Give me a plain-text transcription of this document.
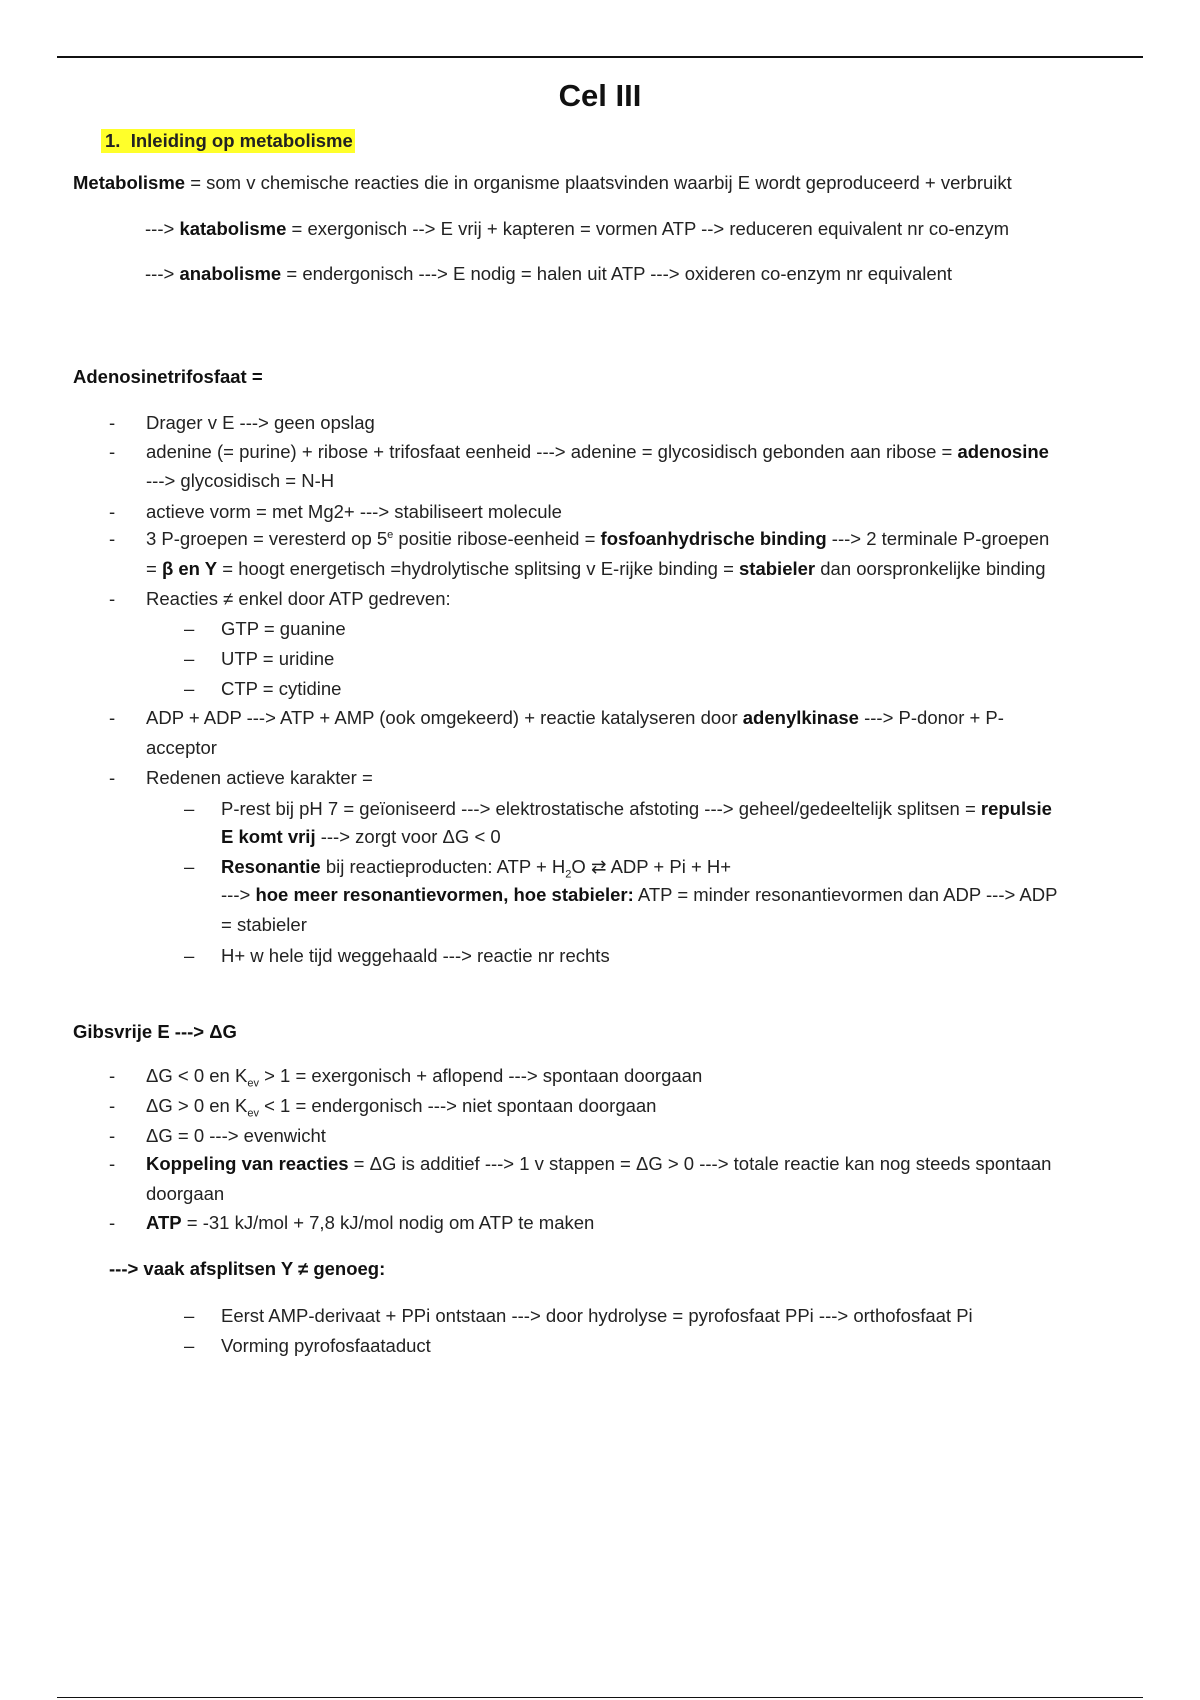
Cel III
1. Inleiding op metabolisme
Metabolisme = som v chemische reacties die in organisme plaatsvinden waarbij E wordt geproduceerd + verbruikt
---> katabolisme = exergonisch --> E vrij + kapteren = vormen ATP --> reduceren equivalent nr co-enzym
---> anabolisme = endergonisch ---> E nodig = halen uit ATP ---> oxideren co-enzym nr equivalent
Adenosinetrifosfaat =
- Drager v E ---> geen opslag
- adenine (= purine) + ribose + trifosfaat eenheid ---> adenine = glycosidisch gebonden aan ribose = adenosine
---> glycosidisch = N-H
- actieve vorm = met Mg2+ ---> stabiliseert molecule
- 3 P-groepen = veresterd op 5e positie ribose-eenheid = fosfoanhydrische binding ---> 2 terminale P-groepen
= β en Y = hoogt energetisch =hydrolytische splitsing v E-rijke binding = stabieler dan oorspronkelijke binding
- Reacties ≠ enkel door ATP gedreven:
– GTP = guanine
– UTP = uridine
– CTP = cytidine
- ADP + ADP ---> ATP + AMP (ook omgekeerd) + reactie katalyseren door adenylkinase ---> P-donor + P-
acceptor
- Redenen actieve karakter =
– P-rest bij pH 7 = geïoniseerd ---> elektrostatische afstoting ---> geheel/gedeeltelijk splitsen = repulsie
E komt vrij ---> zorgt voor ΔG < 0
– Resonantie bij reactieproducten: ATP + $H_2O$ ⇄ ADP + Pi + H+
---> hoe meer resonantievormen, hoe stabieler: ATP = minder resonantievormen dan ADP ---> ADP
= stabieler
– H+ w hele tijd weggehaald ---> reactie nr rechts
Gibsvrije E ---> ΔG
- ΔG < 0 en $K_{ev} > 1$ = exergonisch + aflopend ---> spontaan doorgaan
- ΔG > 0 en $K_{ev} < 1$ = endergonisch ---> niet spontaan doorgaan
- ΔG = 0 ---> evenwicht
- Koppeling van reacties = ΔG is additief ---> 1 v stappen = ΔG > 0 ---> totale reactie kan nog steeds spontaan
doorgaan
- ATP = -31 kJ/mol + 7,8 kJ/mol nodig om ATP te maken
---> vaak afsplitsen Y ≠ genoeg:
– Eerst AMP-derivaat + PPi ontstaan ---> door hydrolyse = pyrofosfaat PPi ---> orthofosfaat Pi
– Vorming pyrofosfaataduct
